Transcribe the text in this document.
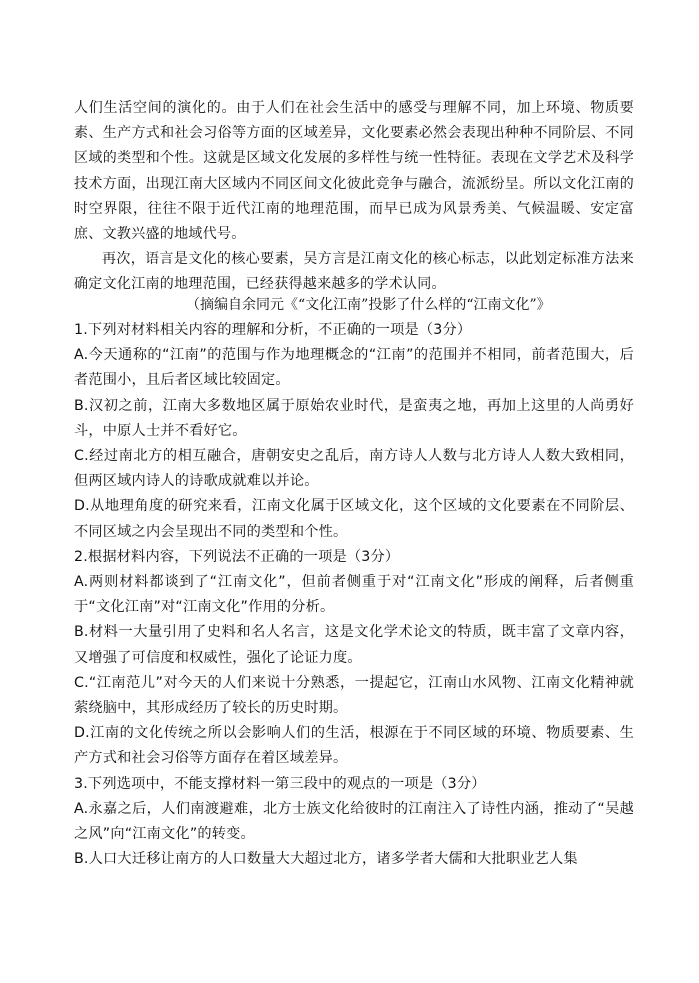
人们生活空间的演化的。由于人们在社会生活中的感受与理解不同，加上环境、物质要素、生产方式和社会习俗等方面的区域差异，文化要素必然会表现出种种不同阶层、不同区域的类型和个性。这就是区域文化发展的多样性与统一性特征。表现在文学艺术及科学技术方面，出现江南大区域内不同区间文化彼此竞争与融合，流派纷呈。所以文化江南的时空界限，往往不限于近代江南的地理范围，而早已成为风景秀美、气候温暖、安定富庶、文教兴盛的地域代号。

再次，语言是文化的核心要素，吴方言是江南文化的核心标志，以此划定标准方法来确定文化江南的地理范围，已经获得越来越多的学术认同。

（摘编自余同元《“文化江南”投影了什么样的“江南文化”》

1.下列对材料相关内容的理解和分析，不正确的一项是（3分）

A.今天通称的“江南”的范围与作为地理概念的“江南”的范围并不相同，前者范围大，后者范围小，且后者区域比较固定。

B.汉初之前，江南大多数地区属于原始农业时代，是蛮夷之地，再加上这里的人尚勇好斗，中原人士并不看好它。

C.经过南北方的相互融合，唐朝安史之乱后，南方诗人人数与北方诗人人数大致相同，但两区域内诗人的诗歌成就难以并论。

D.从地理角度的研究来看，江南文化属于区域文化，这个区域的文化要素在不同阶层、不同区域之内会呈现出不同的类型和个性。

2.根据材料内容，下列说法不正确的一项是（3分）

A.两则材料都谈到了“江南文化”，但前者侧重于对“江南文化”形成的阐释，后者侧重于“文化江南”对“江南文化”作用的分析。

B.材料一大量引用了史料和名人名言，这是文化学术论文的特质，既丰富了文章内容，又增强了可信度和权威性，强化了论证力度。

C.“江南范儿”对今天的人们来说十分熟悉，一提起它，江南山水风物、江南文化精神就萦绕脑中，其形成经历了较长的历史时期。

D.江南的文化传统之所以会影响人们的生活，根源在于不同区域的环境、物质要素、生产方式和社会习俗等方面存在着区域差异。

3.下列选项中，不能支撑材料一第三段中的观点的一项是（3分）

A.永嘉之后，人们南渡避难，北方士族文化给彼时的江南注入了诗性内涵，推动了“吴越之风”向“江南文化”的转变。

B.人口大迁移让南方的人口数量大大超过北方，诸多学者大儒和大批职业艺人集
